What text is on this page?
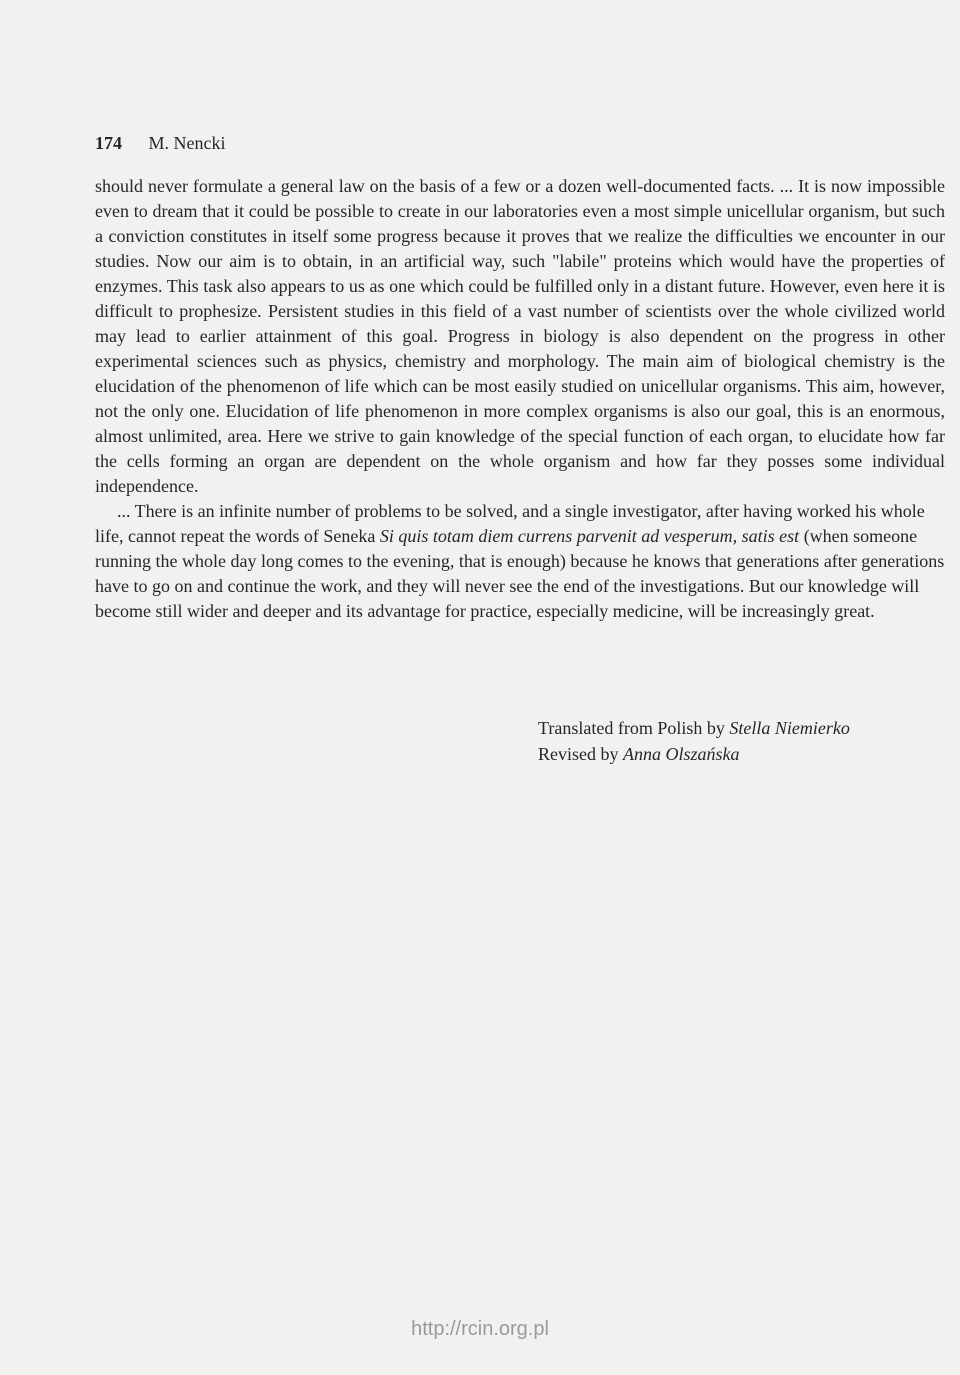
174 M. Nencki

should never formulate a general law on the basis of a few or a dozen well-documented facts. ... It is now impossible even to dream that it could be possible to create in our laboratories even a most simple unicellular organism, but such a conviction constitutes in itself some progress because it proves that we realize the difficulties we encounter in our studies. Now our aim is to obtain, in an artificial way, such "labile" proteins which would have the properties of enzymes. This task also appears to us as one which could be fulfilled only in a distant future. However, even here it is difficult to prophesize. Persistent studies in this field of a vast number of scientists over the whole civilized world may lead to earlier attainment of this goal. Progress in biology is also dependent on the progress in other experimental sciences such as physics, chemistry and morphology. The main aim of biological chemistry is the elucidation of the phenomenon of life which can be most easily studied on unicellular organisms. This aim, however, not the only one. Elucidation of life phenomenon in more complex organisms is also our goal, this is an enormous, almost unlimited, area. Here we strive to gain knowledge of the special function of each organ, to elucidate how far the cells forming an organ are dependent on the whole organism and how far they posses some individual independence.

... There is an infinite number of problems to be solved, and a single investigator, after having worked his whole life, cannot repeat the words of Seneka Si quis totam diem currens parvenit ad vesperum, satis est (when someone running the whole day long comes to the evening, that is enough) because he knows that generations after generations have to go on and continue the work, and they will never see the end of the investigations. But our knowledge will become still wider and deeper and its advantage for practice, especially medicine, will be increasingly great.

Translated from Polish by Stella Niemierko
Revised by Anna Olszańska
http://rcin.org.pl
